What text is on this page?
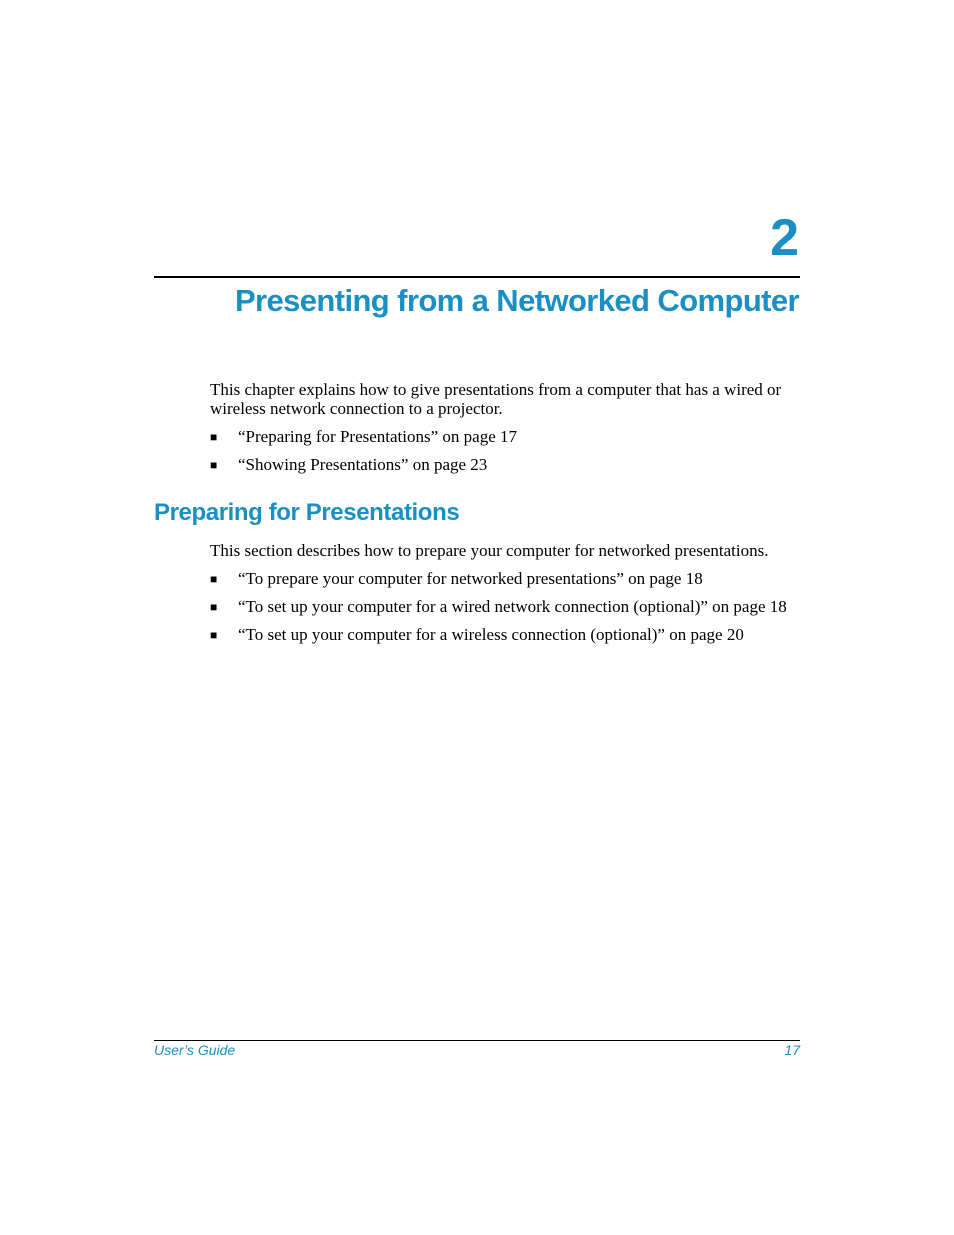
2
Presenting from a Networked Computer

This chapter explains how to give presentations from a computer that has a wired or wireless network connection to a projector.

■ “Preparing for Presentations” on page 17
■ “Showing Presentations” on page 23
Preparing for Presentations

This section describes how to prepare your computer for networked presentations.

■ “To prepare your computer for networked presentations” on page 18
■ “To set up your computer for a wired network connection (optional)” on page 18
■ “To set up your computer for a wireless connection (optional)” on page 20
User’s Guide	17
